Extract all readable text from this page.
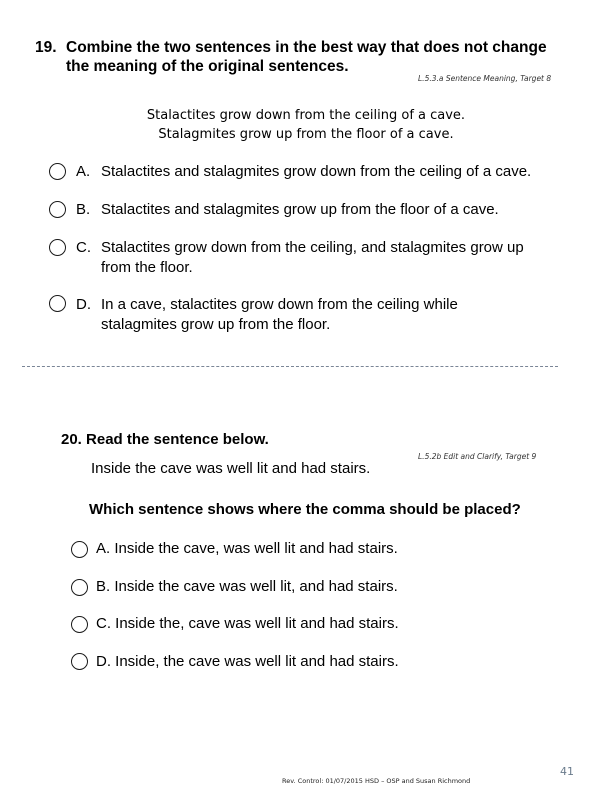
19. Combine the two sentences in the best way that does not change
the meaning of the original sentences.
L.5.3.a Sentence Meaning, Target 8
Stalactites grow down from the ceiling of a cave.
Stalagmites grow up from the floor of a cave.
A. Stalactites and stalagmites grow down from the ceiling of a cave.
B. Stalactites and stalagmites grow up from the floor of a cave.
C. Stalactites grow down from the ceiling, and stalagmites grow up
from the floor.
D. In a cave, stalactites grow down from the ceiling while
stalagmites grow up from the floor.
20. Read the sentence below.
Inside the cave was well lit and had stairs.
L.5.2b Edit and Clarify, Target 9
Which sentence shows where the comma should be placed?
A. Inside the cave, was well lit and had stairs.
B. Inside the cave was well lit, and had stairs.
C. Inside the, cave was well lit and had stairs.
D. Inside, the cave was well lit and had stairs.
Rev. Control: 01/07/2015 HSD – OSP and Susan Richmond
41
